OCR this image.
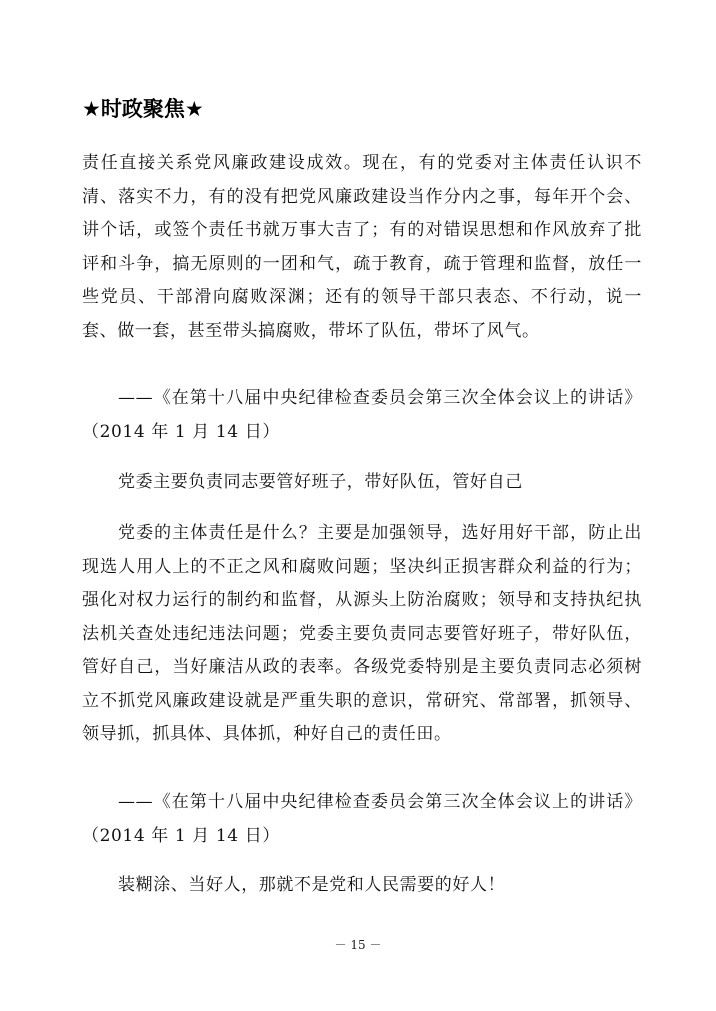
★时政聚焦★

责任直接关系党风廉政建设成效。现在，有的党委对主体责任认识不清、落实不力，有的没有把党风廉政建设当作分内之事，每年开个会、讲个话，或签个责任书就万事大吉了；有的对错误思想和作风放弃了批评和斗争，搞无原则的一团和气，疏于教育，疏于管理和监督，放任一些党员、干部滑向腐败深渊；还有的领导干部只表态、不行动，说一套、做一套，甚至带头搞腐败，带坏了队伍，带坏了风气。

——《在第十八届中央纪律检查委员会第三次全体会议上的讲话》（2014 年 1 月 14 日）

党委主要负责同志要管好班子，带好队伍，管好自己

党委的主体责任是什么？主要是加强领导，选好用好干部，防止出现选人用人上的不正之风和腐败问题；坚决纠正损害群众利益的行为；强化对权力运行的制约和监督，从源头上防治腐败；领导和支持执纪执法机关查处违纪违法问题；党委主要负责同志要管好班子，带好队伍，管好自己，当好廉洁从政的表率。各级党委特别是主要负责同志必须树立不抓党风廉政建设就是严重失职的意识，常研究、常部署，抓领导、领导抓，抓具体、具体抓，种好自己的责任田。

——《在第十八届中央纪律检查委员会第三次全体会议上的讲话》（2014 年 1 月 14 日）

装糊涂、当好人，那就不是党和人民需要的好人！

－ 15 －
